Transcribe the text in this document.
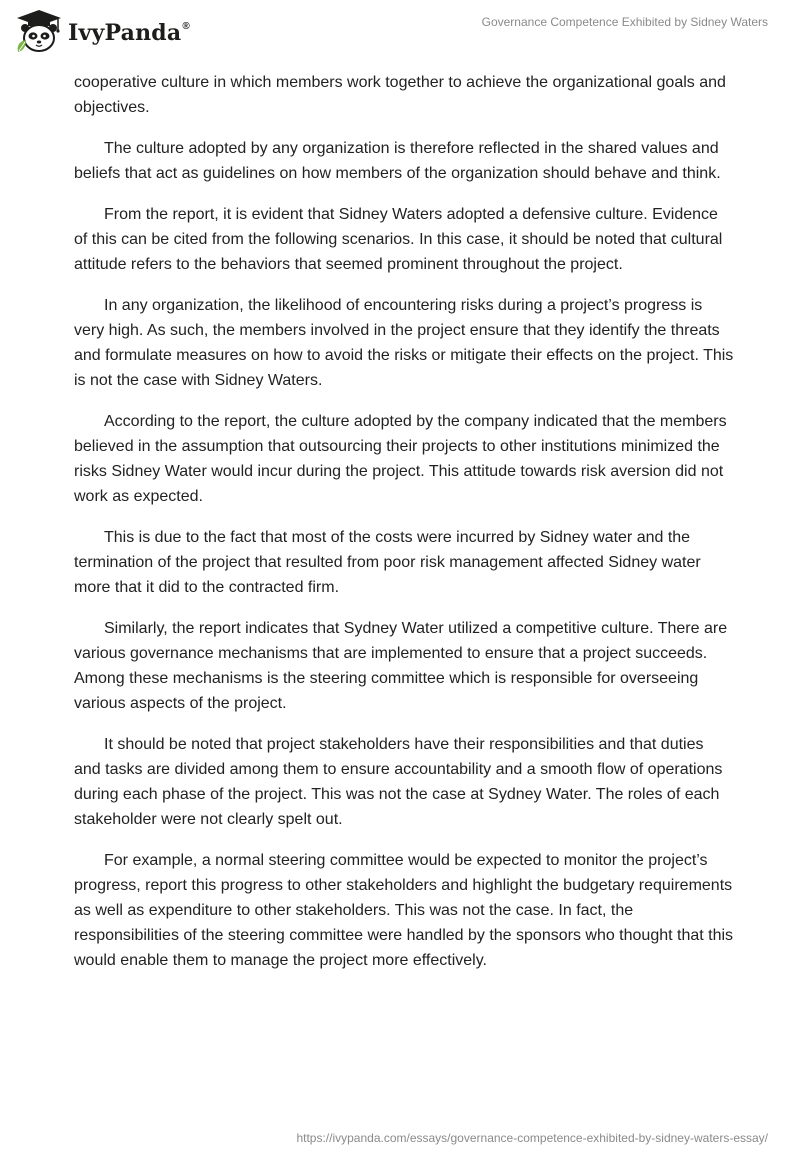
IvyPanda®	Governance Competence Exhibited by Sidney Waters

cooperative culture in which members work together to achieve the organizational goals and objectives.

The culture adopted by any organization is therefore reflected in the shared values and beliefs that act as guidelines on how members of the organization should behave and think.

From the report, it is evident that Sidney Waters adopted a defensive culture. Evidence of this can be cited from the following scenarios. In this case, it should be noted that cultural attitude refers to the behaviors that seemed prominent throughout the project.

In any organization, the likelihood of encountering risks during a project’s progress is very high. As such, the members involved in the project ensure that they identify the threats and formulate measures on how to avoid the risks or mitigate their effects on the project. This is not the case with Sidney Waters.

According to the report, the culture adopted by the company indicated that the members believed in the assumption that outsourcing their projects to other institutions minimized the risks Sidney Water would incur during the project. This attitude towards risk aversion did not work as expected.

This is due to the fact that most of the costs were incurred by Sidney water and the termination of the project that resulted from poor risk management affected Sidney water more that it did to the contracted firm.

Similarly, the report indicates that Sydney Water utilized a competitive culture. There are various governance mechanisms that are implemented to ensure that a project succeeds. Among these mechanisms is the steering committee which is responsible for overseeing various aspects of the project.

It should be noted that project stakeholders have their responsibilities and that duties and tasks are divided among them to ensure accountability and a smooth flow of operations during each phase of the project. This was not the case at Sydney Water. The roles of each stakeholder were not clearly spelt out.

For example, a normal steering committee would be expected to monitor the project’s progress, report this progress to other stakeholders and highlight the budgetary requirements as well as expenditure to other stakeholders. This was not the case. In fact, the responsibilities of the steering committee were handled by the sponsors who thought that this would enable them to manage the project more effectively.

https://ivypanda.com/essays/governance-competence-exhibited-by-sidney-waters-essay/
